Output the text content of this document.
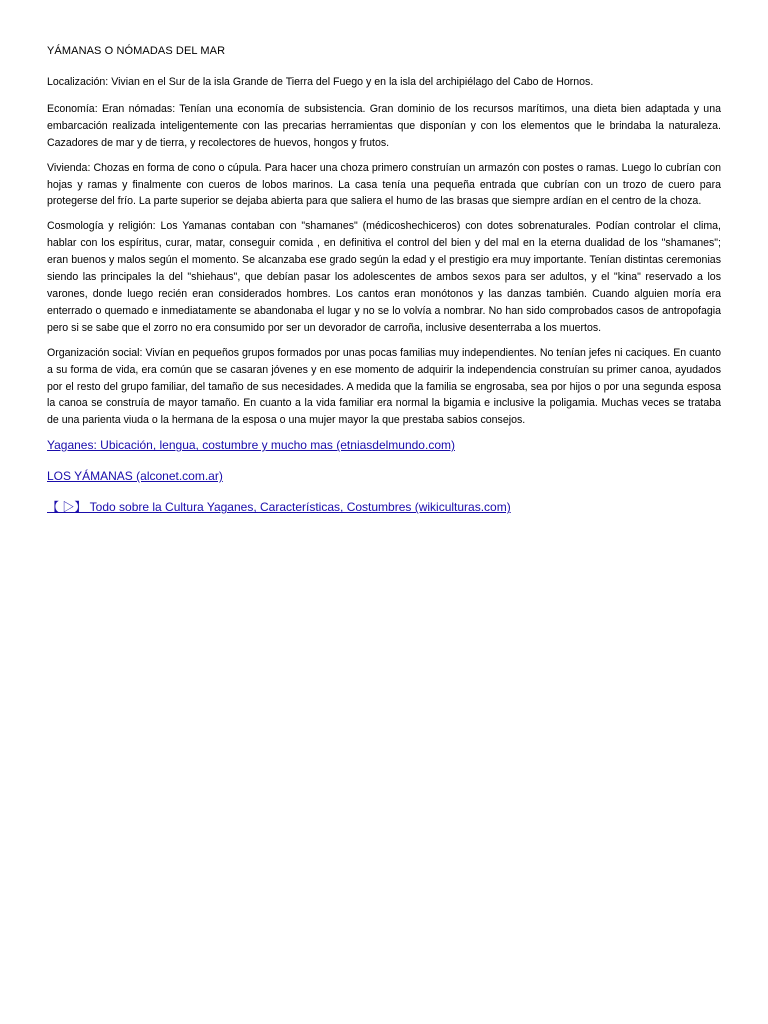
YÁMANAS O NÓMADAS DEL MAR

Localización: Vivian en el Sur de la isla Grande de Tierra del Fuego y en la isla del archipiélago del Cabo de Hornos.

Economía: Eran nómadas: Tenían una economía de subsistencia. Gran dominio de los recursos marítimos, una dieta bien adaptada y una embarcación realizada inteligentemente con las precarias herramientas que disponían y con los elementos que le brindaba la naturaleza. Cazadores de mar y de tierra, y recolectores de huevos, hongos y frutos.

Vivienda: Chozas en forma de cono o cúpula. Para hacer una choza primero construían un armazón con postes o ramas. Luego lo cubrían con hojas y ramas y finalmente con cueros de lobos marinos. La casa tenía una pequeña entrada que cubrían con un trozo de cuero para protegerse del frío. La parte superior se dejaba abierta para que saliera el humo de las brasas que siempre ardían en el centro de la choza.

Cosmología y religión: Los Yamanas contaban con "shamanes" (médicoshechiceros) con dotes sobrenaturales. Podían controlar el clima, hablar con los espíritus, curar, matar, conseguir comida , en definitiva el control del bien y del mal en la eterna dualidad de los "shamanes"; eran buenos y malos según el momento. Se alcanzaba ese grado según la edad y el prestigio era muy importante. Tenían distintas ceremonias siendo las principales la del "shiehaus", que debían pasar los adolescentes de ambos sexos para ser adultos, y el "kina" reservado a los varones, donde luego recién eran considerados hombres. Los cantos eran monótonos y las danzas también. Cuando alguien moría era enterrado o quemado e inmediatamente se abandonaba el lugar y no se lo volvía a nombrar. No han sido comprobados casos de antropofagia pero si se sabe que el zorro no era consumido por ser un devorador de carroña, inclusive desenterraba a los muertos.

Organización social: Vivían en pequeños grupos formados por unas pocas familias muy independientes. No tenían jefes ni caciques. En cuanto a su forma de vida, era común que se casaran jóvenes y en ese momento de adquirir la independencia construían su primer canoa, ayudados por el resto del grupo familiar, del tamaño de sus necesidades. A medida que la familia se engrosaba, sea por hijos o por una segunda esposa la canoa se construía de mayor tamaño. En cuanto a la vida familiar era normal la bigamia e inclusive la poligamia. Muchas veces se trataba de una parienta viuda o la hermana de la esposa o una mujer mayor la que prestaba sabios consejos.

Yaganes: Ubicación, lengua, costumbre y mucho mas (etniasdelmundo.com)
LOS YÁMANAS (alconet.com.ar)
【 ▷】 Todo sobre la Cultura Yaganes, Características, Costumbres (wikiculturas.com)
